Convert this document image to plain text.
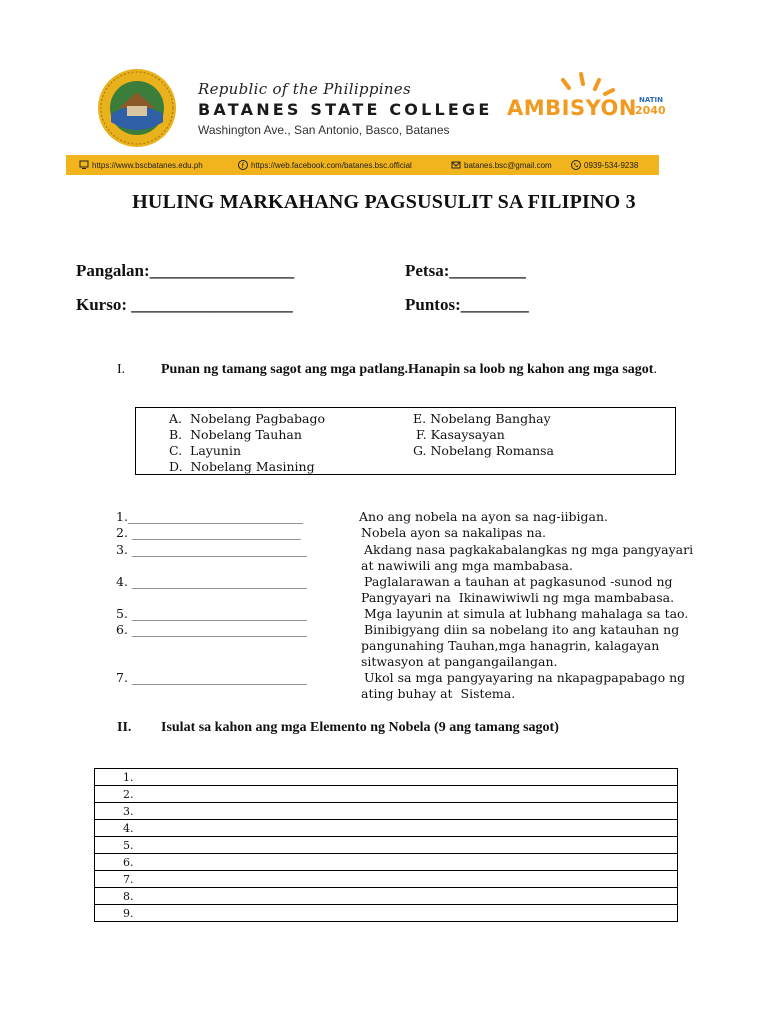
Republic of the Philippines
BATANES STATE COLLEGE
Washington Ave., San Antonio, Basco, Batanes
AMBISYON NATIN
2040
https://www.bscbatanes.edu.ph	f https://web.facebook.com/batanes.bsc.official	batanes.bsc@gmail.com	0939-534-9238
HULING MARKAHANG PAGSUSULIT SA FILIPINO 3
Pangalan:_________________	Petsa:_________
Kurso: ___________________	Puntos:________
I.	Punan ng tamang sagot ang mga patlang.Hanapin sa loob ng kahon ang mga sagot.
A.  Nobelang Pagbabago
B.  Nobelang Tauhan
C.  Layunin
D.  Nobelang Masining
E. Nobelang Banghay
F. Kasaysayan
G. Nobelang Romansa
1.____________________________	Ano ang nobela na ayon sa nag-iibigan.
2. ___________________________	Nobela ayon sa nakalipas na.
3. ____________________________	Akdang nasa pagkakabalangkas ng mga pangyayari
at nawiwili ang mga mambabasa.
4. ____________________________	Paglalarawan a tauhan at pagkasunod -sunod ng
Pangyayari na  Ikinawiwiwli ng mga mambabasa.
5. ____________________________	Mga layunin at simula at lubhang mahalaga sa tao.
6. ____________________________	Binibigyang diin sa nobelang ito ang katauhan ng
pangunahing Tauhan,mga hanagrin, kalagayan
sitwasyon at pangangailangan.
7. ____________________________	Ukol sa mga pangyayaring na nkapagpapabago ng
ating buhay at  Sistema.
II. Isulat sa kahon ang mga Elemento ng Nobela (9 ang tamang sagot)
1.
2.
3.
4.
5.
6.
7.
8.
9.
